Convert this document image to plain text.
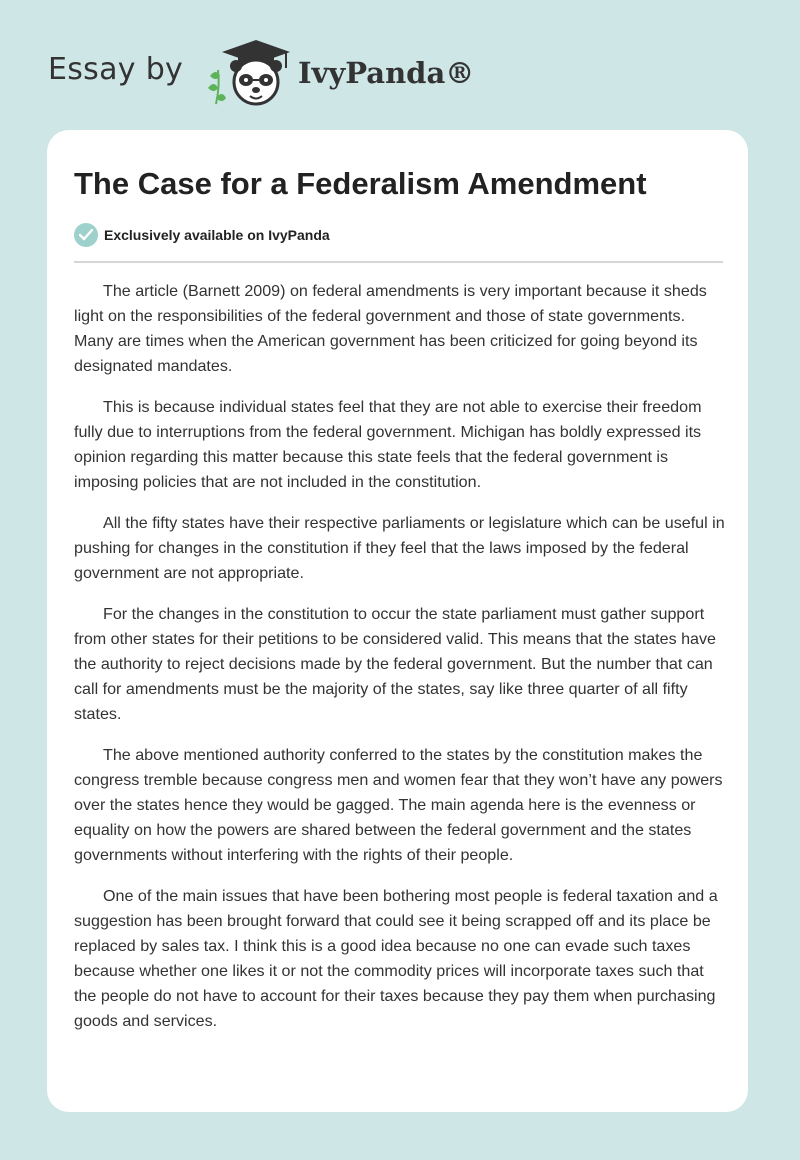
Essay by	IvyPanda®
The Case for a Federalism Amendment
Exclusively available on IvyPanda

The article (Barnett 2009) on federal amendments is very important because it sheds light on the responsibilities of the federal government and those of state governments. Many are times when the American government has been criticized for going beyond its designated mandates.

This is because individual states feel that they are not able to exercise their freedom fully due to interruptions from the federal government. Michigan has boldly expressed its opinion regarding this matter because this state feels that the federal government is imposing policies that are not included in the constitution.

All the fifty states have their respective parliaments or legislature which can be useful in pushing for changes in the constitution if they feel that the laws imposed by the federal government are not appropriate.

For the changes in the constitution to occur the state parliament must gather support from other states for their petitions to be considered valid. This means that the states have the authority to reject decisions made by the federal government. But the number that can call for amendments must be the majority of the states, say like three quarter of all fifty states.

The above mentioned authority conferred to the states by the constitution makes the congress tremble because congress men and women fear that they won’t have any powers over the states hence they would be gagged. The main agenda here is the evenness or equality on how the powers are shared between the federal government and the states governments without interfering with the rights of their people.

One of the main issues that have been bothering most people is federal taxation and a suggestion has been brought forward that could see it being scrapped off and its place be replaced by sales tax. I think this is a good idea because no one can evade such taxes because whether one likes it or not the commodity prices will incorporate taxes such that the people do not have to account for their taxes because they pay them when purchasing goods and services.
